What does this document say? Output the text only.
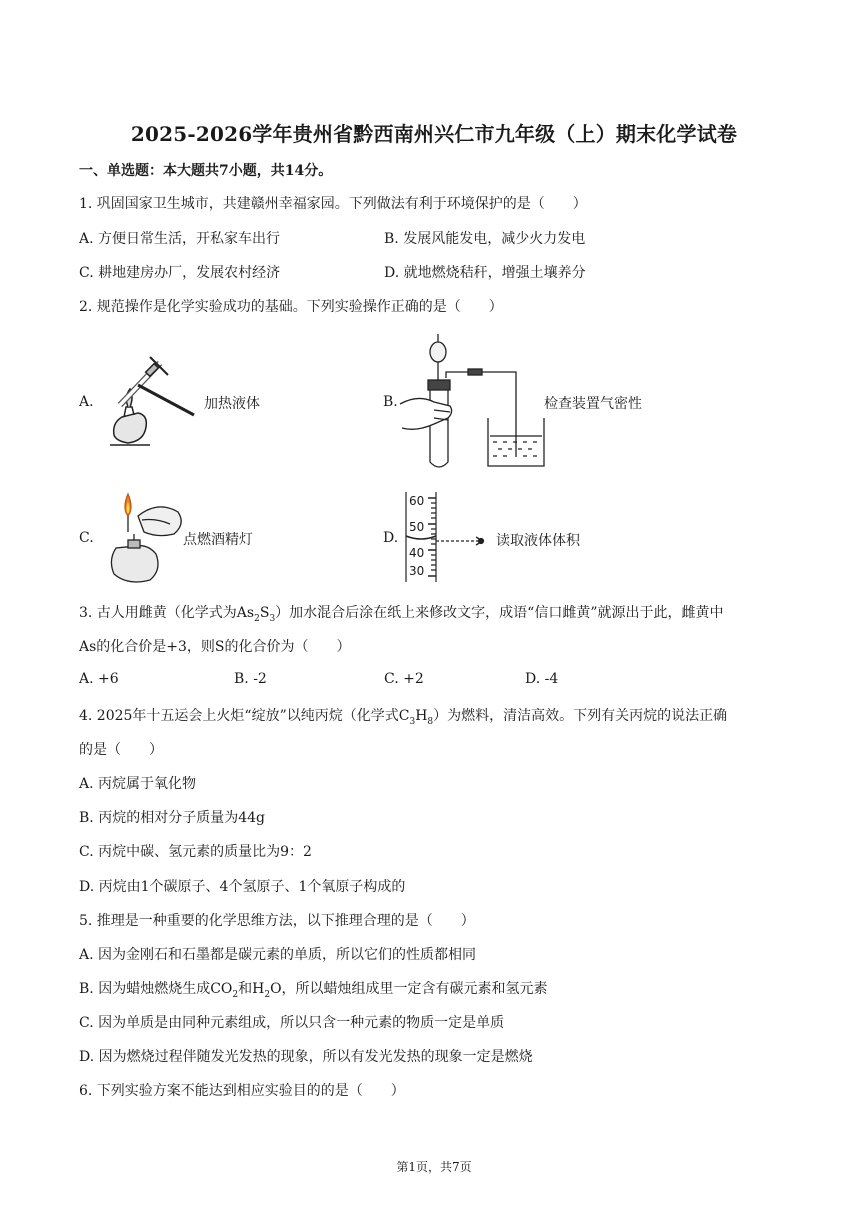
2025-2026学年贵州省黔西南州兴仁市九年级（上）期末化学试卷
一、单选题：本大题共7小题，共14分。
1. 巩固国家卫生城市，共建赣州幸福家园。下列做法有利于环境保护的是（　　）
A. 方便日常生活，开私家车出行	B. 发展风能发电，减少火力发电
C. 耕地建房办厂，发展农村经济	D. 就地燃烧秸秆，增强土壤养分
2. 规范操作是化学实验成功的基础。下列实验操作正确的是（　　）
A.	加热液体	B.	检查装置气密性
C.	点燃酒精灯	D.
60
50
40
30
读取液体体积
3. 古人用雌黄（化学式为$As_2S_3$）加水混合后涂在纸上来修改文字，成语“信口雌黄”就源出于此，雌黄中
As的化合价是+3，则S的化合价为（　　）
A. +6	B. -2	C. +2	D. -4
4. 2025年十五运会上火炬“绽放”以纯丙烷（化学式$C_3H_8$）为燃料，清洁高效。下列有关丙烷的说法正确
的是（　　）
A. 丙烷属于氧化物
B. 丙烷的相对分子质量为44g
C. 丙烷中碳、氢元素的质量比为9：2
D. 丙烷由1个碳原子、4个氢原子、1个氧原子构成的
5. 推理是一种重要的化学思维方法，以下推理合理的是（　　）
A. 因为金刚石和石墨都是碳元素的单质，所以它们的性质都相同
B. 因为蜡烛燃烧生成$CO_2$和$H_2O$，所以蜡烛组成里一定含有碳元素和氢元素
C. 因为单质是由同种元素组成，所以只含一种元素的物质一定是单质
D. 因为燃烧过程伴随发光发热的现象，所以有发光发热的现象一定是燃烧
6. 下列实验方案不能达到相应实验目的的是（　　）
第1页，共7页
